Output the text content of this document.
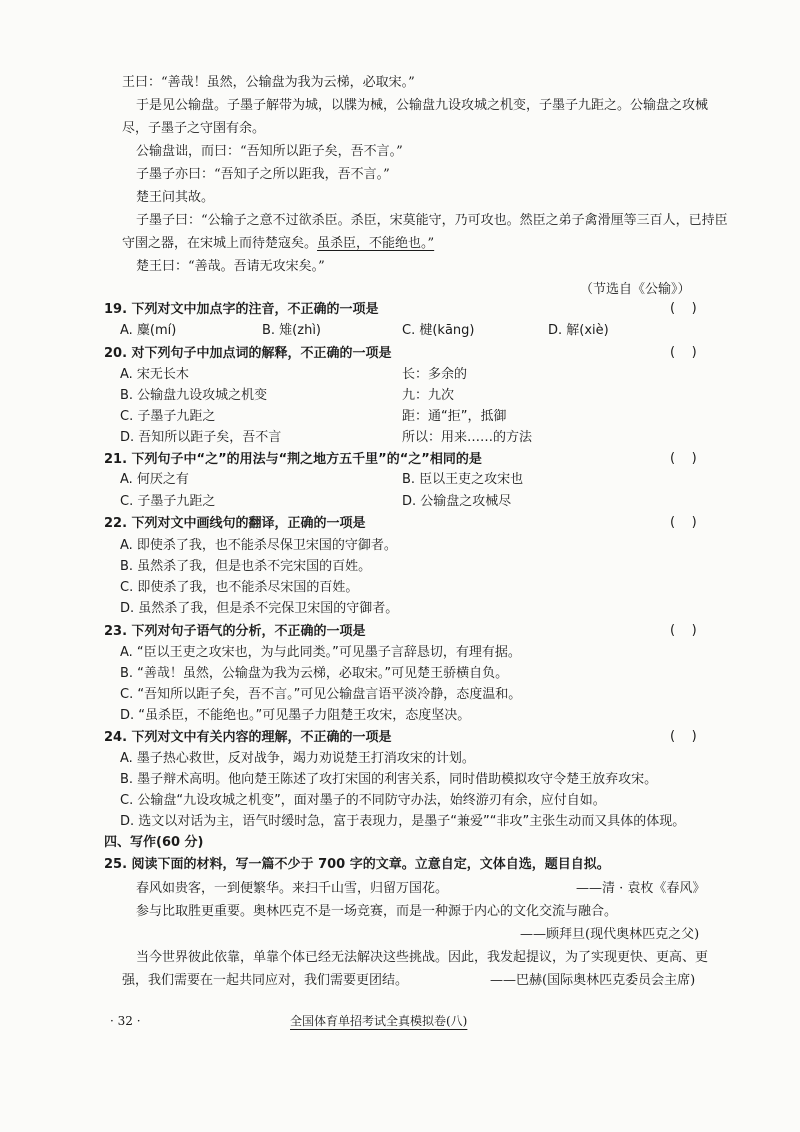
王曰：“善哉！虽然，公输盘为我为云梯，必取宋。”
于是见公输盘。子墨子解带为城，以牒为械，公输盘九设攻城之机变，子墨子九距之。公输盘之攻械
尽，子墨子之守圉有余。
公输盘诎，而曰：“吾知所以距子矣，吾不言。”
子墨子亦曰：“吾知子之所以距我，吾不言。”
楚王问其故。
子墨子曰：“公输子之意不过欲杀臣。杀臣，宋莫能守，乃可攻也。然臣之弟子禽滑厘等三百人，已持臣
守圉之器，在宋城上而待楚寇矣。虽杀臣，不能绝也。”
楚王曰：“善哉。吾请无攻宋矣。”
（节选自《公输》）
19. 下列对文中加点字的注音，不正确的一项是	(    )
A. 麋(mí)	B. 雉(zhì)	C. 楗(kāng)	D. 解(xiè)
20. 对下列句子中加点词的解释，不正确的一项是	(    )
A. 宋无长木	长：多余的
B. 公输盘九设攻城之机变	九：九次
C. 子墨子九距之	距：通“拒”，抵御
D. 吾知所以距子矣，吾不言	所以：用来……的方法
21. 下列句子中“之”的用法与“荆之地方五千里”的“之”相同的是	(    )
A. 何厌之有	B. 臣以王吏之攻宋也
C. 子墨子九距之	D. 公输盘之攻械尽
22. 下列对文中画线句的翻译，正确的一项是	(    )
A. 即使杀了我，也不能杀尽保卫宋国的守御者。
B. 虽然杀了我，但是也杀不完宋国的百姓。
C. 即使杀了我，也不能杀尽宋国的百姓。
D. 虽然杀了我，但是杀不完保卫宋国的守御者。
23. 下列对句子语气的分析，不正确的一项是	(    )
A. “臣以王吏之攻宋也，为与此同类。”可见墨子言辞恳切，有理有据。
B. “善哉！虽然，公输盘为我为云梯，必取宋。”可见楚王骄横自负。
C. “吾知所以距子矣，吾不言。”可见公输盘言语平淡冷静，态度温和。
D. “虽杀臣，不能绝也。”可见墨子力阻楚王攻宋，态度坚决。
24. 下列对文中有关内容的理解，不正确的一项是	(    )
A. 墨子热心救世，反对战争，竭力劝说楚王打消攻宋的计划。
B. 墨子辩术高明。他向楚王陈述了攻打宋国的利害关系，同时借助模拟攻守令楚王放弃攻宋。
C. 公输盘“九设攻城之机变”，面对墨子的不同防守办法，始终游刃有余，应付自如。
D. 选文以对话为主，语气时缓时急，富于表现力，是墨子“兼爱”“非攻”主张生动而又具体的体现。
四、写作(60 分)
25. 阅读下面的材料，写一篇不少于 700 字的文章。立意自定，文体自选，题目自拟。
春风如贵客，一到便繁华。来扫千山雪，归留万国花。	——清 · 袁枚《春风》
参与比取胜更重要。奥林匹克不是一场竞赛，而是一种源于内心的文化交流与融合。
——顾拜旦(现代奥林匹克之父)
当今世界彼此依靠，单靠个体已经无法解决这些挑战。因此，我发起提议，为了实现更快、更高、更
强，我们需要在一起共同应对，我们需要更团结。	——巴赫(国际奥林匹克委员会主席)
· 32 ·	全国体育单招考试全真模拟卷(八)
